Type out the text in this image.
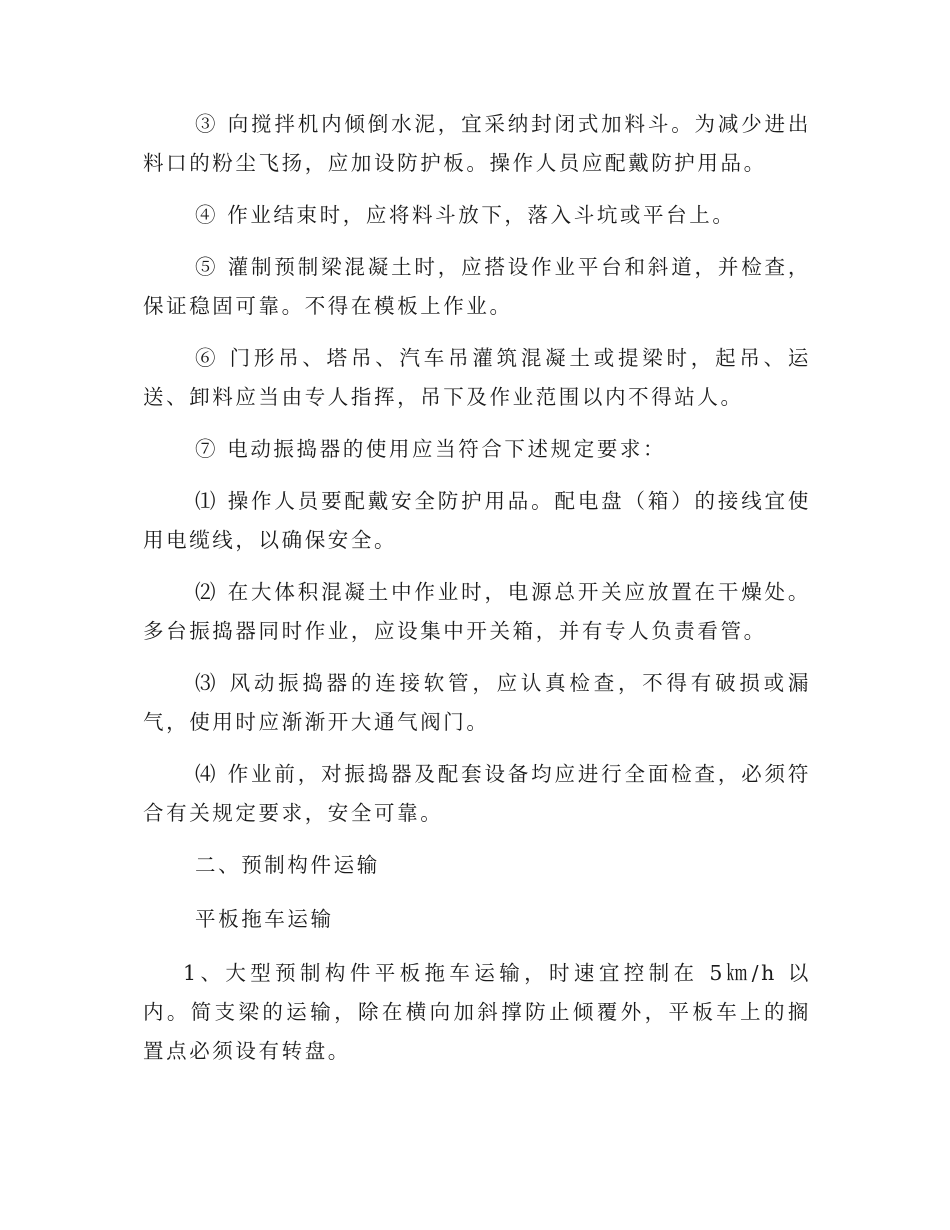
③ 向搅拌机内倾倒水泥，宜采纳封闭式加料斗。为减少进出料口的粉尘飞扬，应加设防护板。操作人员应配戴防护用品。

④ 作业结束时，应将料斗放下，落入斗坑或平台上。

⑤ 灌制预制梁混凝土时，应搭设作业平台和斜道，并检查，保证稳固可靠。不得在模板上作业。

⑥ 门形吊、塔吊、汽车吊灌筑混凝土或提梁时，起吊、运送、卸料应当由专人指挥，吊下及作业范围以内不得站人。

⑦ 电动振捣器的使用应当符合下述规定要求：

⑴ 操作人员要配戴安全防护用品。配电盘（箱）的接线宜使用电缆线，以确保安全。

⑵ 在大体积混凝土中作业时，电源总开关应放置在干燥处。多台振捣器同时作业，应设集中开关箱，并有专人负责看管。

⑶ 风动振捣器的连接软管，应认真检查，不得有破损或漏气，使用时应渐渐开大通气阀门。

⑷ 作业前，对振捣器及配套设备均应进行全面检查，必须符合有关规定要求，安全可靠。

二、预制构件运输

平板拖车运输

1、大型预制构件平板拖车运输，时速宜控制在 5㎞/h 以内。简支梁的运输，除在横向加斜撑防止倾覆外，平板车上的搁置点必须设有转盘。
